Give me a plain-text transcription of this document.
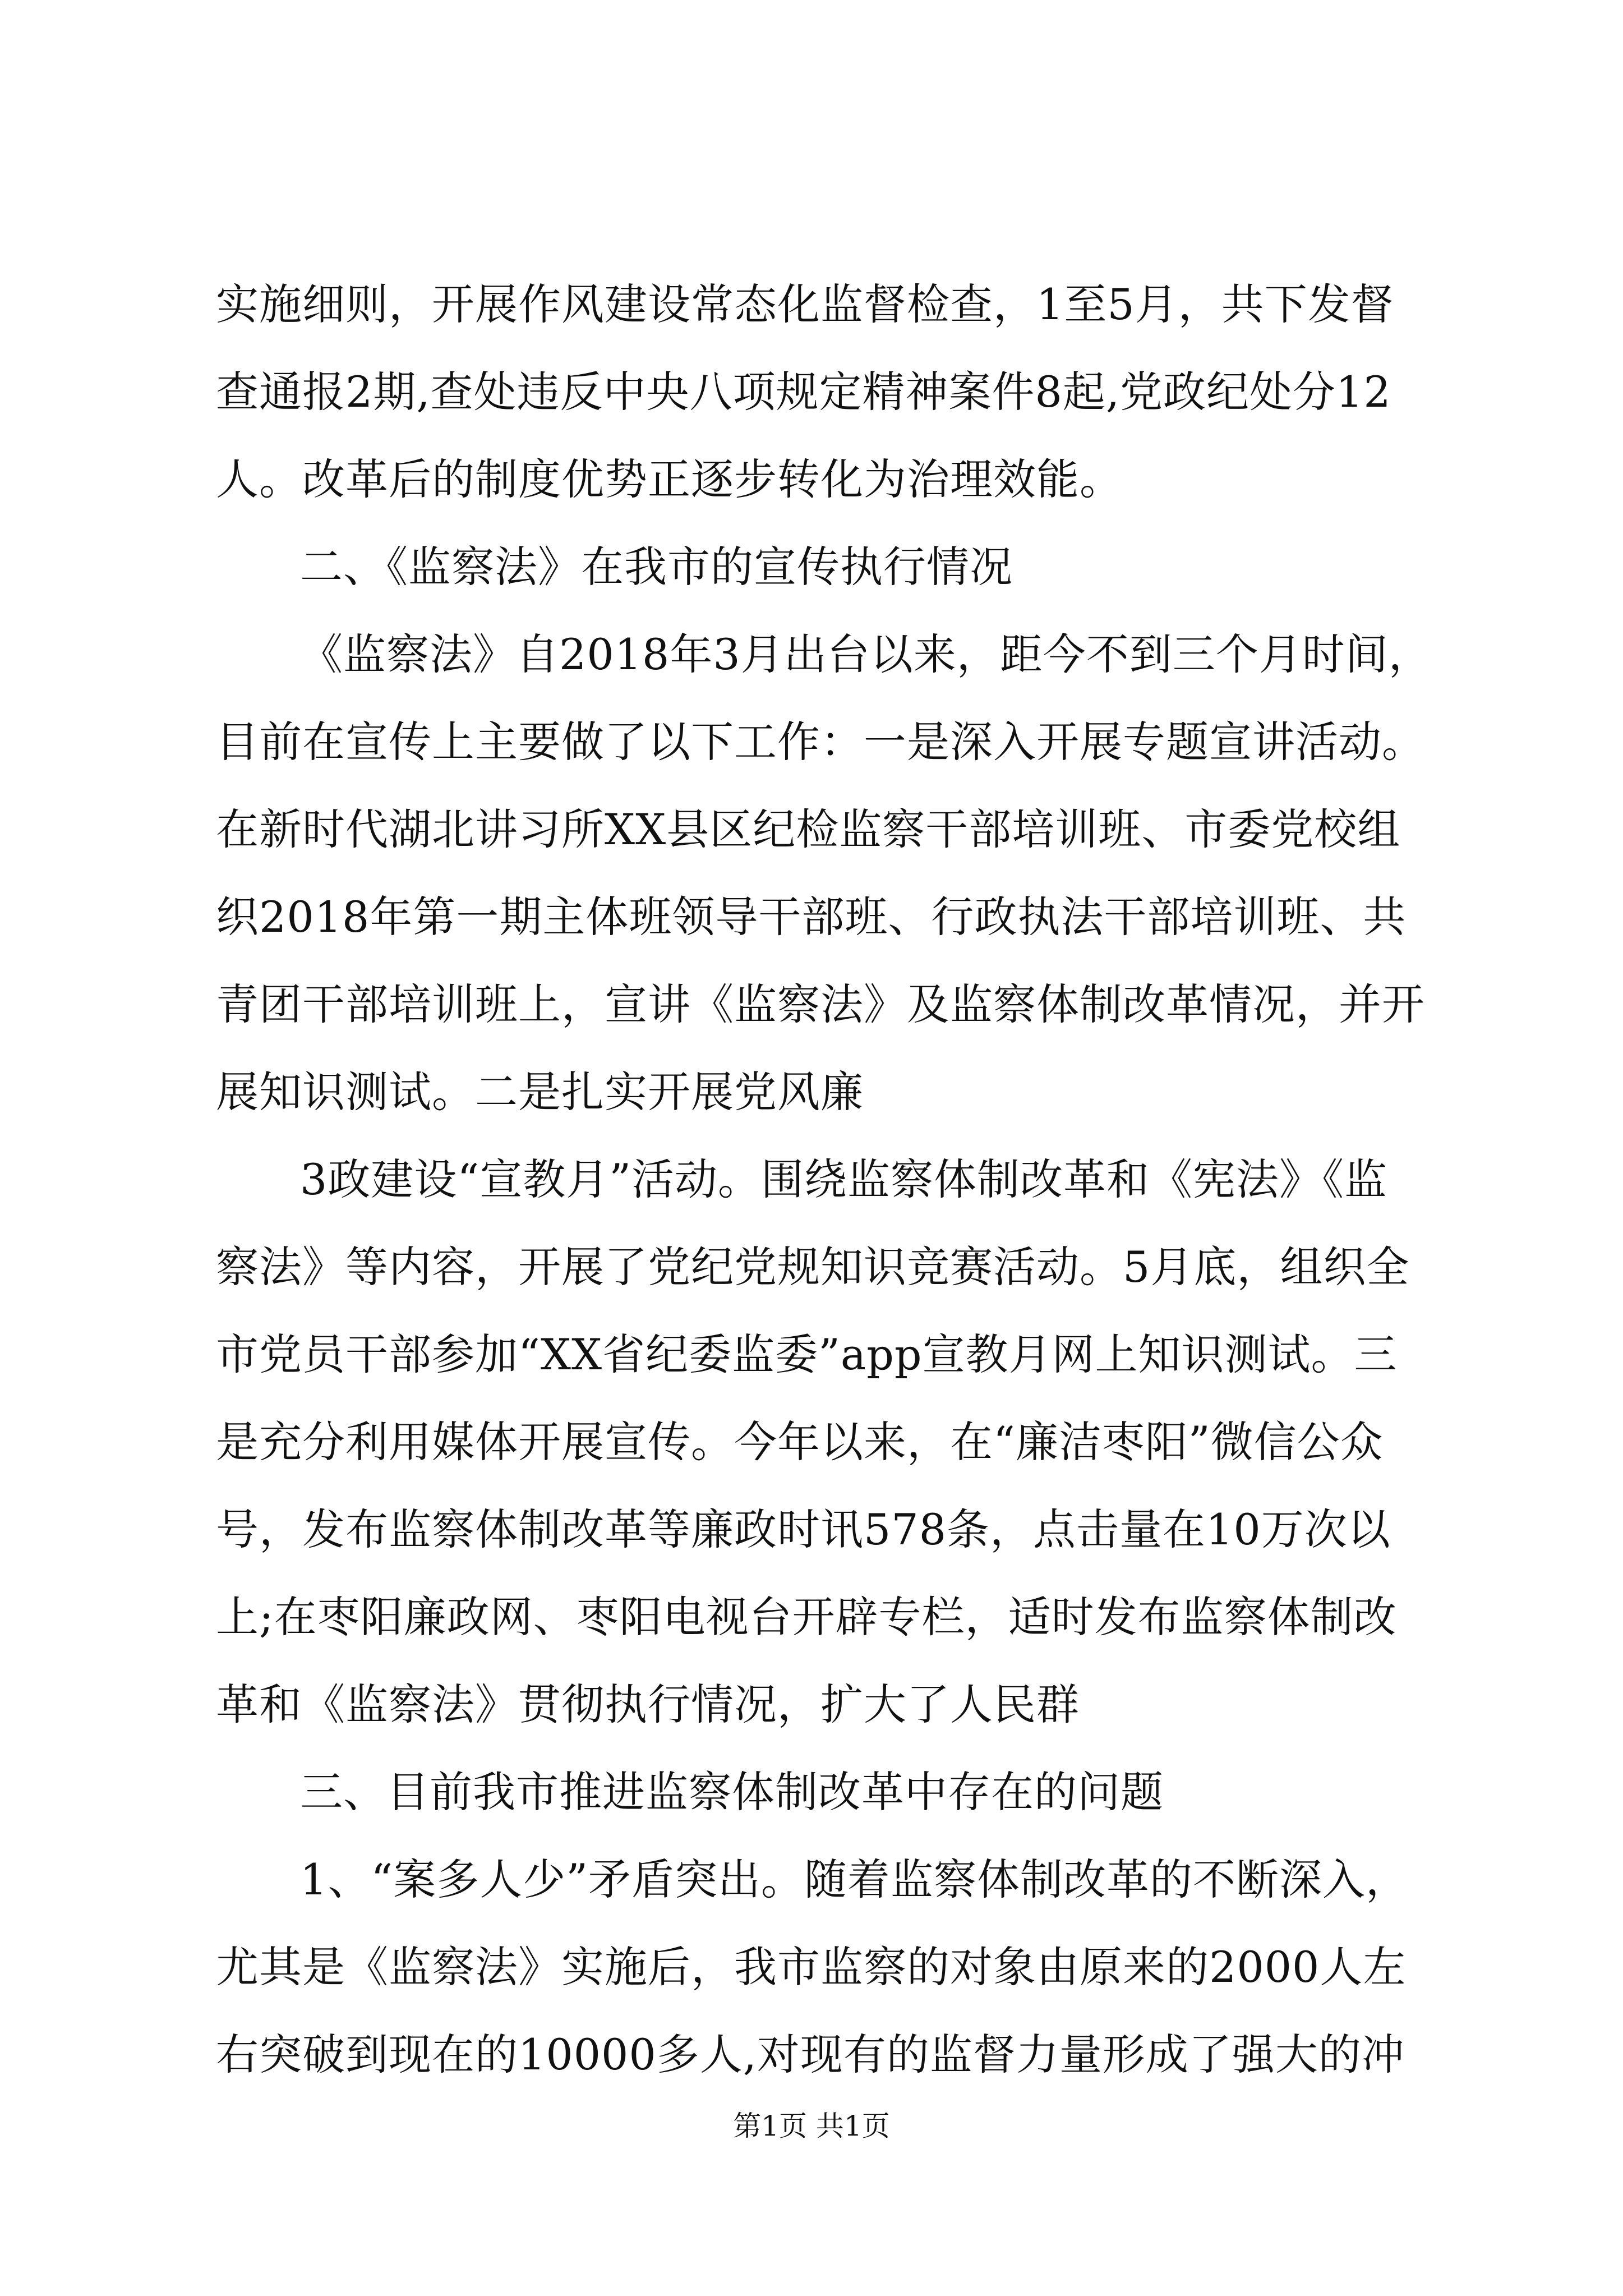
实施细则，开展作风建设常态化监督检查，1至5月，共下发督
查通报2期,查处违反中央八项规定精神案件8起,党政纪处分12
人。改革后的制度优势正逐步转化为治理效能。
二、《监察法》在我市的宣传执行情况
《监察法》自2018年3月出台以来，距今不到三个月时间，
目前在宣传上主要做了以下工作：一是深入开展专题宣讲活动。
在新时代湖北讲习所XX县区纪检监察干部培训班、市委党校组
织2018年第一期主体班领导干部班、行政执法干部培训班、共
青团干部培训班上，宣讲《监察法》及监察体制改革情况，并开
展知识测试。二是扎实开展党风廉
3政建设“宣教月”活动。围绕监察体制改革和《宪法》《监
察法》等内容，开展了党纪党规知识竞赛活动。5月底，组织全
市党员干部参加“XX省纪委监委”app宣教月网上知识测试。三
是充分利用媒体开展宣传。今年以来，在“廉洁枣阳”微信公众
号，发布监察体制改革等廉政时讯578条，点击量在10万次以
上;在枣阳廉政网、枣阳电视台开辟专栏，适时发布监察体制改
革和《监察法》贯彻执行情况，扩大了人民群
三、目前我市推进监察体制改革中存在的问题
1、“案多人少”矛盾突出。随着监察体制改革的不断深入，
尤其是《监察法》实施后，我市监察的对象由原来的2000人左
右突破到现在的10000多人,对现有的监督力量形成了强大的冲
第1页 共1页
